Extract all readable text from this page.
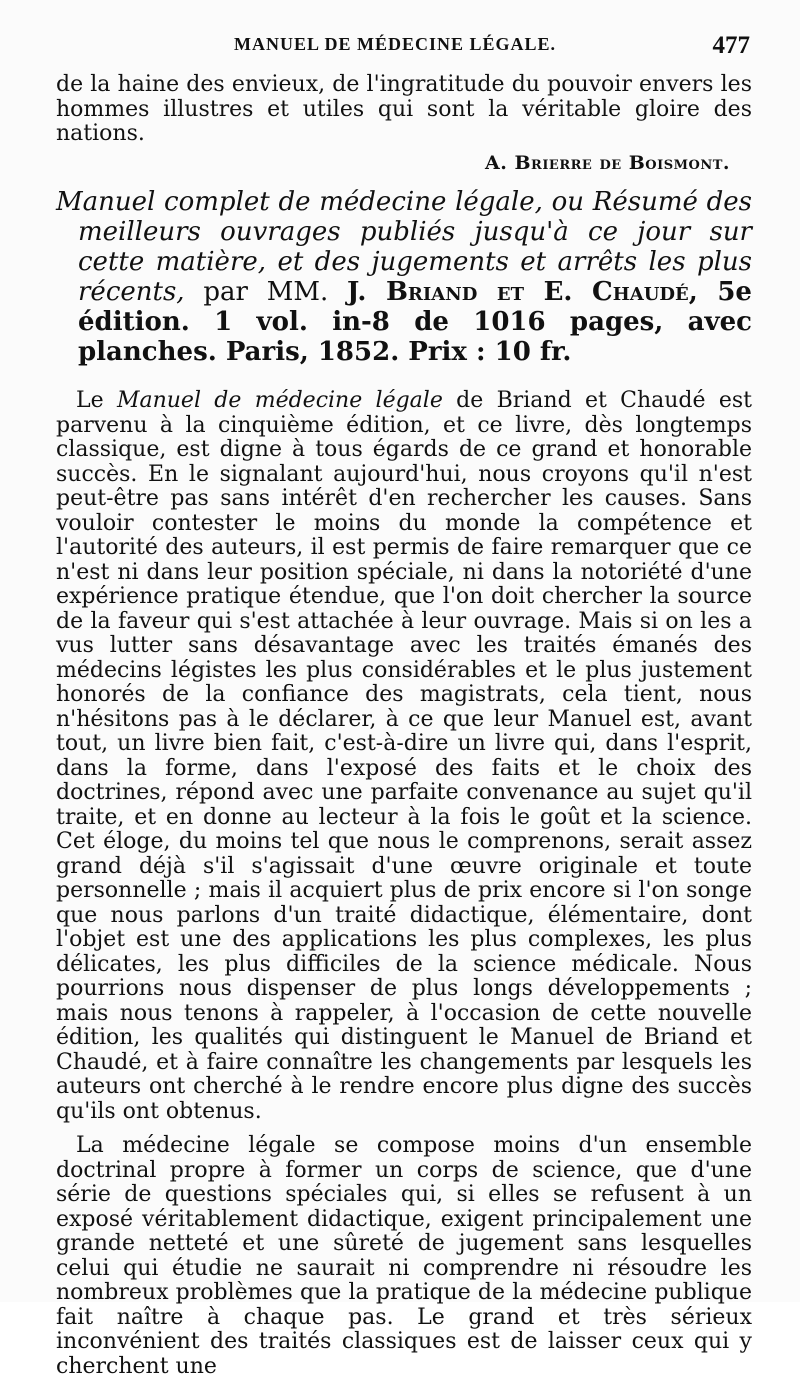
MANUEL DE MÉDECINE LÉGALE.	477

de la haine des envieux, de l'ingratitude du pouvoir envers les hommes illustres et utiles qui sont la véritable gloire des nations.

A. Brierre de Boismont.

Manuel complet de médecine légale, ou Résumé des meilleurs ouvrages publiés jusqu'à ce jour sur cette matière, et des jugements et arrêts les plus récents, par MM. J. Briand et E. Chaudé, 5e édition. 1 vol. in-8 de 1016 pages, avec planches. Paris, 1852. Prix : 10 fr.

Le Manuel de médecine légale de Briand et Chaudé est parvenu à la cinquième édition, et ce livre, dès longtemps classique, est digne à tous égards de ce grand et honorable succès. En le signalant aujourd'hui, nous croyons qu'il n'est peut-être pas sans intérêt d'en rechercher les causes. Sans vouloir contester le moins du monde la compétence et l'autorité des auteurs, il est permis de faire remarquer que ce n'est ni dans leur position spéciale, ni dans la notoriété d'une expérience pratique étendue, que l'on doit chercher la source de la faveur qui s'est attachée à leur ouvrage. Mais si on les a vus lutter sans désavantage avec les traités émanés des médecins légistes les plus considérables et le plus justement honorés de la confiance des magistrats, cela tient, nous n'hésitons pas à le déclarer, à ce que leur Manuel est, avant tout, un livre bien fait, c'est-à-dire un livre qui, dans l'esprit, dans la forme, dans l'exposé des faits et le choix des doctrines, répond avec une parfaite convenance au sujet qu'il traite, et en donne au lecteur à la fois le goût et la science. Cet éloge, du moins tel que nous le comprenons, serait assez grand déjà s'il s'agissait d'une œuvre originale et toute personnelle ; mais il acquiert plus de prix encore si l'on songe que nous parlons d'un traité didactique, élémentaire, dont l'objet est une des applications les plus complexes, les plus délicates, les plus difficiles de la science médicale. Nous pourrions nous dispenser de plus longs développements ; mais nous tenons à rappeler, à l'occasion de cette nouvelle édition, les qualités qui distinguent le Manuel de Briand et Chaudé, et à faire connaître les changements par lesquels les auteurs ont cherché à le rendre encore plus digne des succès qu'ils ont obtenus.

La médecine légale se compose moins d'un ensemble doctrinal propre à former un corps de science, que d'une série de questions spéciales qui, si elles se refusent à un exposé véritablement didactique, exigent principalement une grande netteté et une sûreté de jugement sans lesquelles celui qui étudie ne saurait ni comprendre ni résoudre les nombreux problèmes que la pratique de la médecine publique fait naître à chaque pas. Le grand et très sérieux inconvénient des traités classiques est de laisser ceux qui y cherchent une
